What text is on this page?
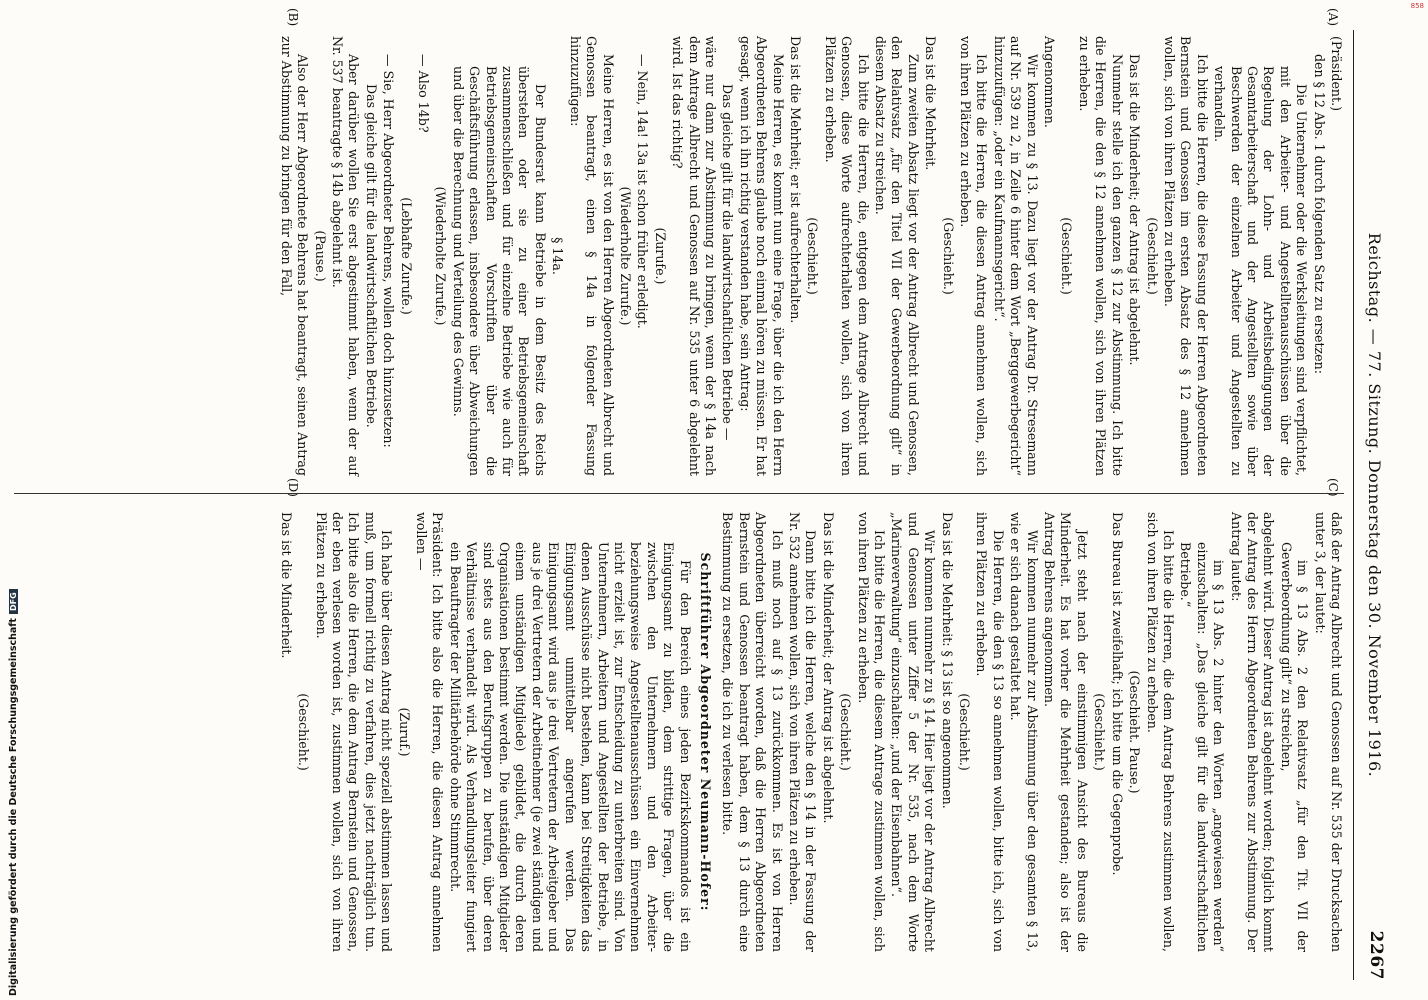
Reichstag. — 77. Sitzung. Donnerstag den 30. November 1916.
2267
(A)
(C)
(B)
(D)

(Präsident.)

den § 12 Abs. 1 durch folgenden Satz zu ersetzen:

Die Unternehmer oder die Werksleitungen sind verpflichtet, mit den Arbeiter- und Angestelltenausschüssen über die Regelung der Lohn- und Arbeitsbedingungen der Gesamtarbeiterschaft und der Angestellten sowie über Beschwerden der einzelnen Arbeiter und Angestellten zu verhandeln.

Ich bitte die Herren, die diese Fassung der Herren Abgeordneten Bernstein und Genossen im ersten Absatz des § 12 annehmen wollen, sich von ihren Plätzen zu erheben.

(Geschieht.)

Das ist die Minderheit; der Antrag ist abgelehnt.

Nunmehr stelle ich den ganzen § 12 zur Abstimmung. Ich bitte die Herren, die den § 12 annehmen wollen, sich von ihren Plätzen zu erheben.

(Geschieht.)

Angenommen.

Wir kommen zu § 13. Dazu liegt vor der Antrag Dr. Stresemann auf Nr. 539 zu 2, in Zeile 6 hinter dem Wort „Berggewerbegericht“ hinzuzufügen: „oder ein Kaufmannsgericht“.

Ich bitte die Herren, die diesen Antrag annehmen wollen, sich von ihren Plätzen zu erheben.

(Geschieht.)

Das ist die Mehrheit.

Zum zweiten Absatz liegt vor der Antrag Albrecht und Genossen, den Relativsatz „für den Titel VII der Gewerbeordnung gilt“ in diesem Absatz zu streichen.

Ich bitte die Herren, die, entgegen dem Antrage Albrecht und Genossen, diese Worte aufrechterhalten wollen, sich von ihren Plätzen zu erheben.

(Geschieht.)

Das ist die Mehrheit; er ist aufrechterhalten.

Meine Herren, es kommt nun eine Frage, über die ich den Herrn Abgeordneten Behrens glaube noch einmal hören zu müssen. Er hat gesagt, wenn ich ihn richtig verstanden habe, sein Antrag:

Das gleiche gilt für die landwirtschaftlichen Betriebe —

wäre nur dann zur Abstimmung zu bringen, wenn der § 14a nach dem Antrage Albrecht und Genossen auf Nr. 535 unter 6 abgelehnt wird. Ist das richtig?

(Zurufe.)

— Nein, 14a! 13a ist schon früher erledigt.

(Wiederholte Zurufe.)

Meine Herren, es ist von den Herren Abgeordneten Albrecht und Genossen beantragt, einen § 14a in folgender Fassung hinzuzufügen:

§ 14a.

Der Bundesrat kann Betriebe in dem Besitz des Reichs überstehen oder sie zu einer Betriebsgemeinschaft zusammenschließen und für einzelne Betriebe wie auch für Betriebsgemeinschaften Vorschriften über die Geschäftsführung erlassen, insbesondere über Abweichungen und über die Berechnung und Verteilung des Gewinns.

(Wiederholte Zurufe.)

— Also 14b?

(Lebhafte Zurufe.)

— Sie, Herr Abgeordneter Behrens, wollen doch hinzusetzen:

Das gleiche gilt für die landwirtschaftlichen Betriebe.

Aber darüber wollen Sie erst abgestimmt haben, wenn der auf Nr. 537 beantragte § 14b abgelehnt ist.

(Pause.)

Also der Herr Abgeordnete Behrens hat beantragt, seinen Antrag zur Abstimmung zu bringen für den Fall,

daß der Antrag Albrecht und Genossen auf Nr. 535 der Drucksachen unter 3, der lautet:

im § 13 Abs. 2 den Relativsatz „für den Tit. VII der Gewerbeordnung gilt“ zu streichen,

abgelehnt wird. Dieser Antrag ist abgelehnt worden; folglich kommt der Antrag des Herrn Abgeordneten Behrens zur Abstimmung. Der Antrag lautet:

im § 13 Abs. 2 hinter den Worten „angewiesen werden“ einzuschalten: „Das gleiche gilt für die landwirtschaftlichen Betriebe.“

Ich bitte die Herren, die dem Antrag Behrens zustimmen wollen, sich von ihren Plätzen zu erheben.

(Geschieht. Pause.)

Das Bureau ist zweifelhaft; ich bitte um die Gegenprobe.

(Geschieht.)

Jetzt steht nach der einstimmigen Ansicht des Bureaus die Minderheit. Es hat vorher die Mehrheit gestanden; also ist der Antrag Behrens angenommen.

Wir kommen nunmehr zur Abstimmung über den gesamten § 13, wie er sich danach gestaltet hat.

Die Herren, die den § 13 so annehmen wollen, bitte ich, sich von ihren Plätzen zu erheben.

(Geschieht.)

Das ist die Mehrheit: § 13 ist so angenommen.

Wir kommen nunmehr zu § 14. Hier liegt vor der Antrag Albrecht und Genossen unter Ziffer 5 der Nr. 535, nach dem Worte „Marineverwaltung“ einzuschalten: „und der Eisenbahnen“.

Ich bitte die Herren, die diesem Antrage zustimmen wollen, sich von ihren Plätzen zu erheben.

(Geschieht.)

Das ist die Minderheit; der Antrag ist abgelehnt.

Dann bitte ich die Herren, welche den § 14 in der Fassung der Nr. 532 annehmen wollen, sich von ihren Plätzen zu erheben.

Ich muß noch auf § 13 zurückkommen. Es ist von Herren Abgeordneten überreicht worden, daß die Herren Abgeordneten Bernstein und Genossen beantragt haben, dem § 13 durch eine Bestimmung zu ersetzen, die ich zu verlesen bitte.

Schriftführer Abgeordneter Neumann-Hofer:

Für den Bereich eines jeden Bezirkskommandos ist ein Einigungsamt zu bilden, dem strittige Fragen, über die zwischen den Unternehmern und den Arbeiter- beziehungsweise Angestelltenausschüssen ein Einvernehmen nicht erzielt ist, zur Entscheidung zu unterbreiten sind. Von Unternehmern, Arbeitern und Angestellten der Betriebe, in denen Ausschüsse nicht bestehen, kann bei Streitigkeiten das Einigungsamt unmittelbar angerufen werden. Das Einigungsamt wird aus je drei Vertretern der Arbeitgeber und aus je drei Vertretern der Arbeitnehmer (je zwei ständigen und einem unständigen Mitgliede) gebildet, die durch deren Organisationen bestimmt werden. Die unständigen Mitglieder sind stets aus den Berufsgruppen zu berufen, über deren Verhältnisse verhandelt wird. Als Verhandlungsleiter fungiert ein Beauftragter der Militärbehörde ohne Stimmrecht.

Präsident: Ich bitte also die Herren, die diesen Antrag annehmen wollen —

(Zuruf.)

Ich habe über diesen Antrag nicht speziell abstimmen lassen und muß, um formell richtig zu verfahren, dies jetzt nachträglich tun. Ich bitte also die Herren, die dem Antrag Bernstein und Genossen, der eben verlesen worden ist, zustimmen wollen, sich von ihren Plätzen zu erheben.

(Geschieht.)

Das ist die Minderheit.

Digitalisierung gefördert durch die Deutsche ForschungsgemeinschaftDFG
858
